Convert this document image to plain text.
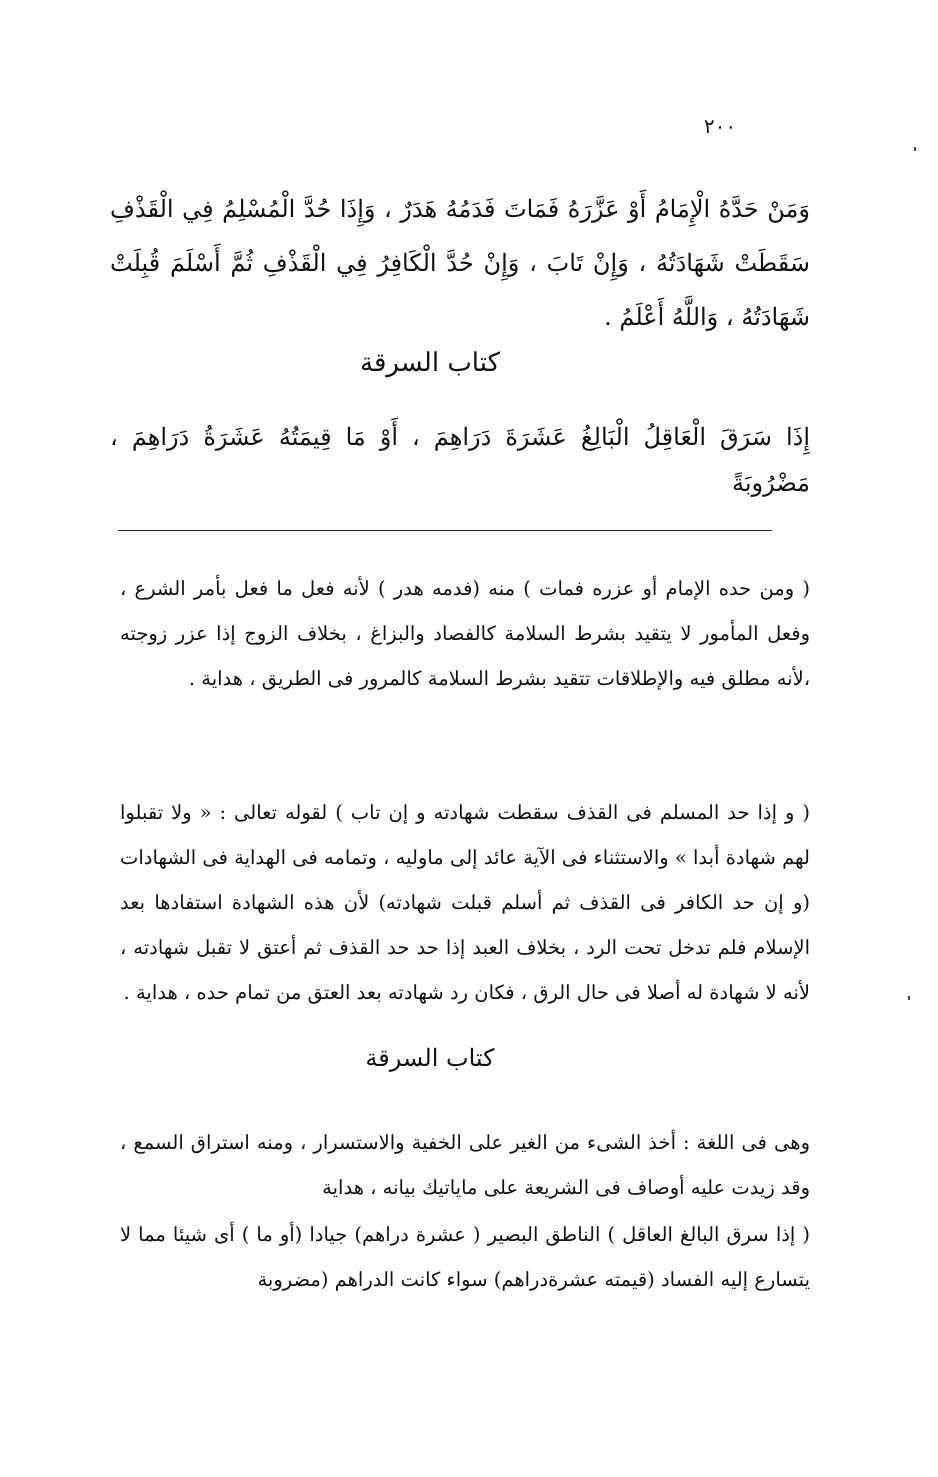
٢٠٠

وَمَنْ حَدَّهُ الْإِمَامُ أَوْ عَزَّرَهُ فَمَاتَ فَدَمُهُ هَدَرٌ ، وَإِذَا حُدَّ الْمُسْلِمُ فِي الْقَذْفِ سَقَطَتْ شَهَادَتُهُ ، وَإِنْ تَابَ ، وَإِنْ حُدَّ الْكَافِرُ فِي الْقَذْفِ ثُمَّ أَسْلَمَ قُبِلَتْ شَهَادَتُهُ ، وَاللَّهُ أَعْلَمُ .

كتاب السرقة

إِذَا سَرَقَ الْعَاقِلُ الْبَالِغُ عَشَرَةَ دَرَاهِمَ ، أَوْ مَا قِيمَتُهُ عَشَرَةُ دَرَاهِمَ ، مَضْرُوبَةً

( ومن حده الإمام أو عزره فمات ) منه (فدمه هدر ) لأنه فعل ما فعل بأمر الشرع ، وفعل المأمور لا يتقيد بشرط السلامة كالفصاد والبزاغ ، بخلاف الزوج إذا عزر زوجته ،لأنه مطلق فيه والإطلاقات تتقيد بشرط السلامة كالمرور فى الطريق ، هداية .

( و إذا حد المسلم فى القذف سقطت شهادته و إن تاب ) لقوله تعالى : « ولا تقبلوا لهم شهادة أبدا » والاستثناء فى الآية عائد إلى ماوليه ، وتمامه فى الهداية فى الشهادات (و إن حد الكافر فى القذف ثم أسلم قبلت شهادته) لأن هذه الشهادة استفادها بعد الإسلام فلم تدخل تحت الرد ، بخلاف العبد إذا حد حد القذف ثم أعتق لا تقبل شهادته ، لأنه لا شهادة له أصلا فى حال الرق ، فكان رد شهادته بعد العتق من تمام حده ، هداية .

كتاب السرقة

وهى فى اللغة : أخذ الشىء من الغير على الخفية والاستسرار ، ومنه استراق السمع ، وقد زيدت عليه أوصاف فى الشريعة على ماياتيك بيانه ، هداية

( إذا سرق البالغ العاقل ) الناطق البصير ( عشرة دراهم) جيادا (أو ما ) أى شيئا مما لا يتسارع إليه الفساد (قيمته عشرةدراهم) سواء كانت الدراهم (مضروبة
